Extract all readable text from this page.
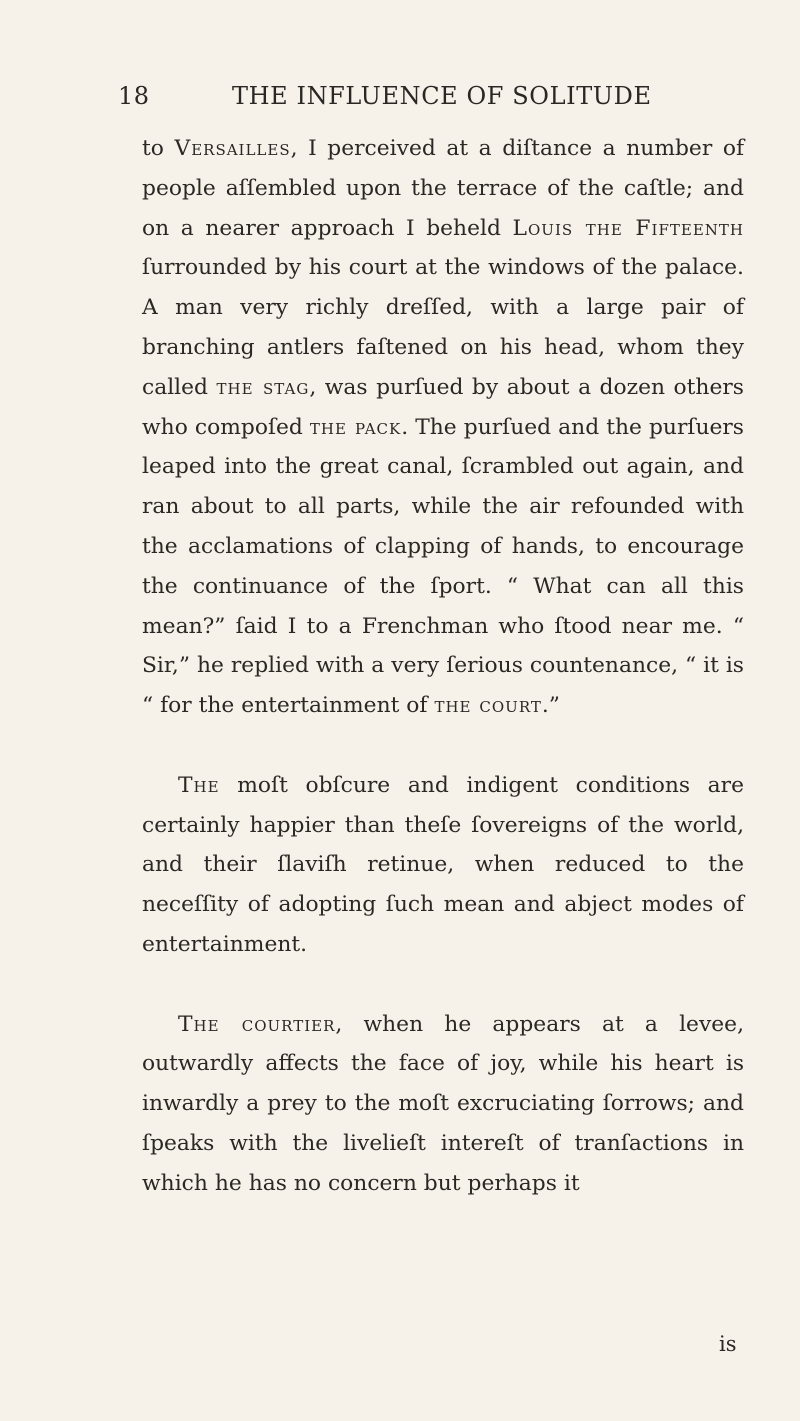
18	THE INFLUENCE OF SOLITUDE

to Versailles, I perceived at a diſtance a number of people aſſembled upon the terrace of the caſtle; and on a nearer approach I beheld Louis the Fifteenth ſurrounded by his court at the windows of the palace. A man very richly dreſſed, with a large pair of branching antlers faſtened on his head, whom they called the stag, was purſued by about a dozen others who compoſed the pack. The purſued and the purſuers leaped into the great canal, ſcrambled out again, and ran about to all parts, while the air refounded with the acclamations of clapping of hands, to encourage the continuance of the ſport. “ What can all this mean?” ſaid I to a Frenchman who ſtood near me. “ Sir,” he replied with a very ſerious countenance, “ it is “ for the entertainment of the court.”

The moſt obſcure and indigent conditions are certainly happier than theſe ſovereigns of the world, and their ſlaviſh retinue, when reduced to the neceſſity of adopting ſuch mean and abject modes of entertainment.

The courtier, when he appears at a levee, outwardly affects the face of joy, while his heart is inwardly a prey to the moſt excruciating ſorrows; and ſpeaks with the livelieſt intereſt of tranſactions in which he has no concern but perhaps it

is
